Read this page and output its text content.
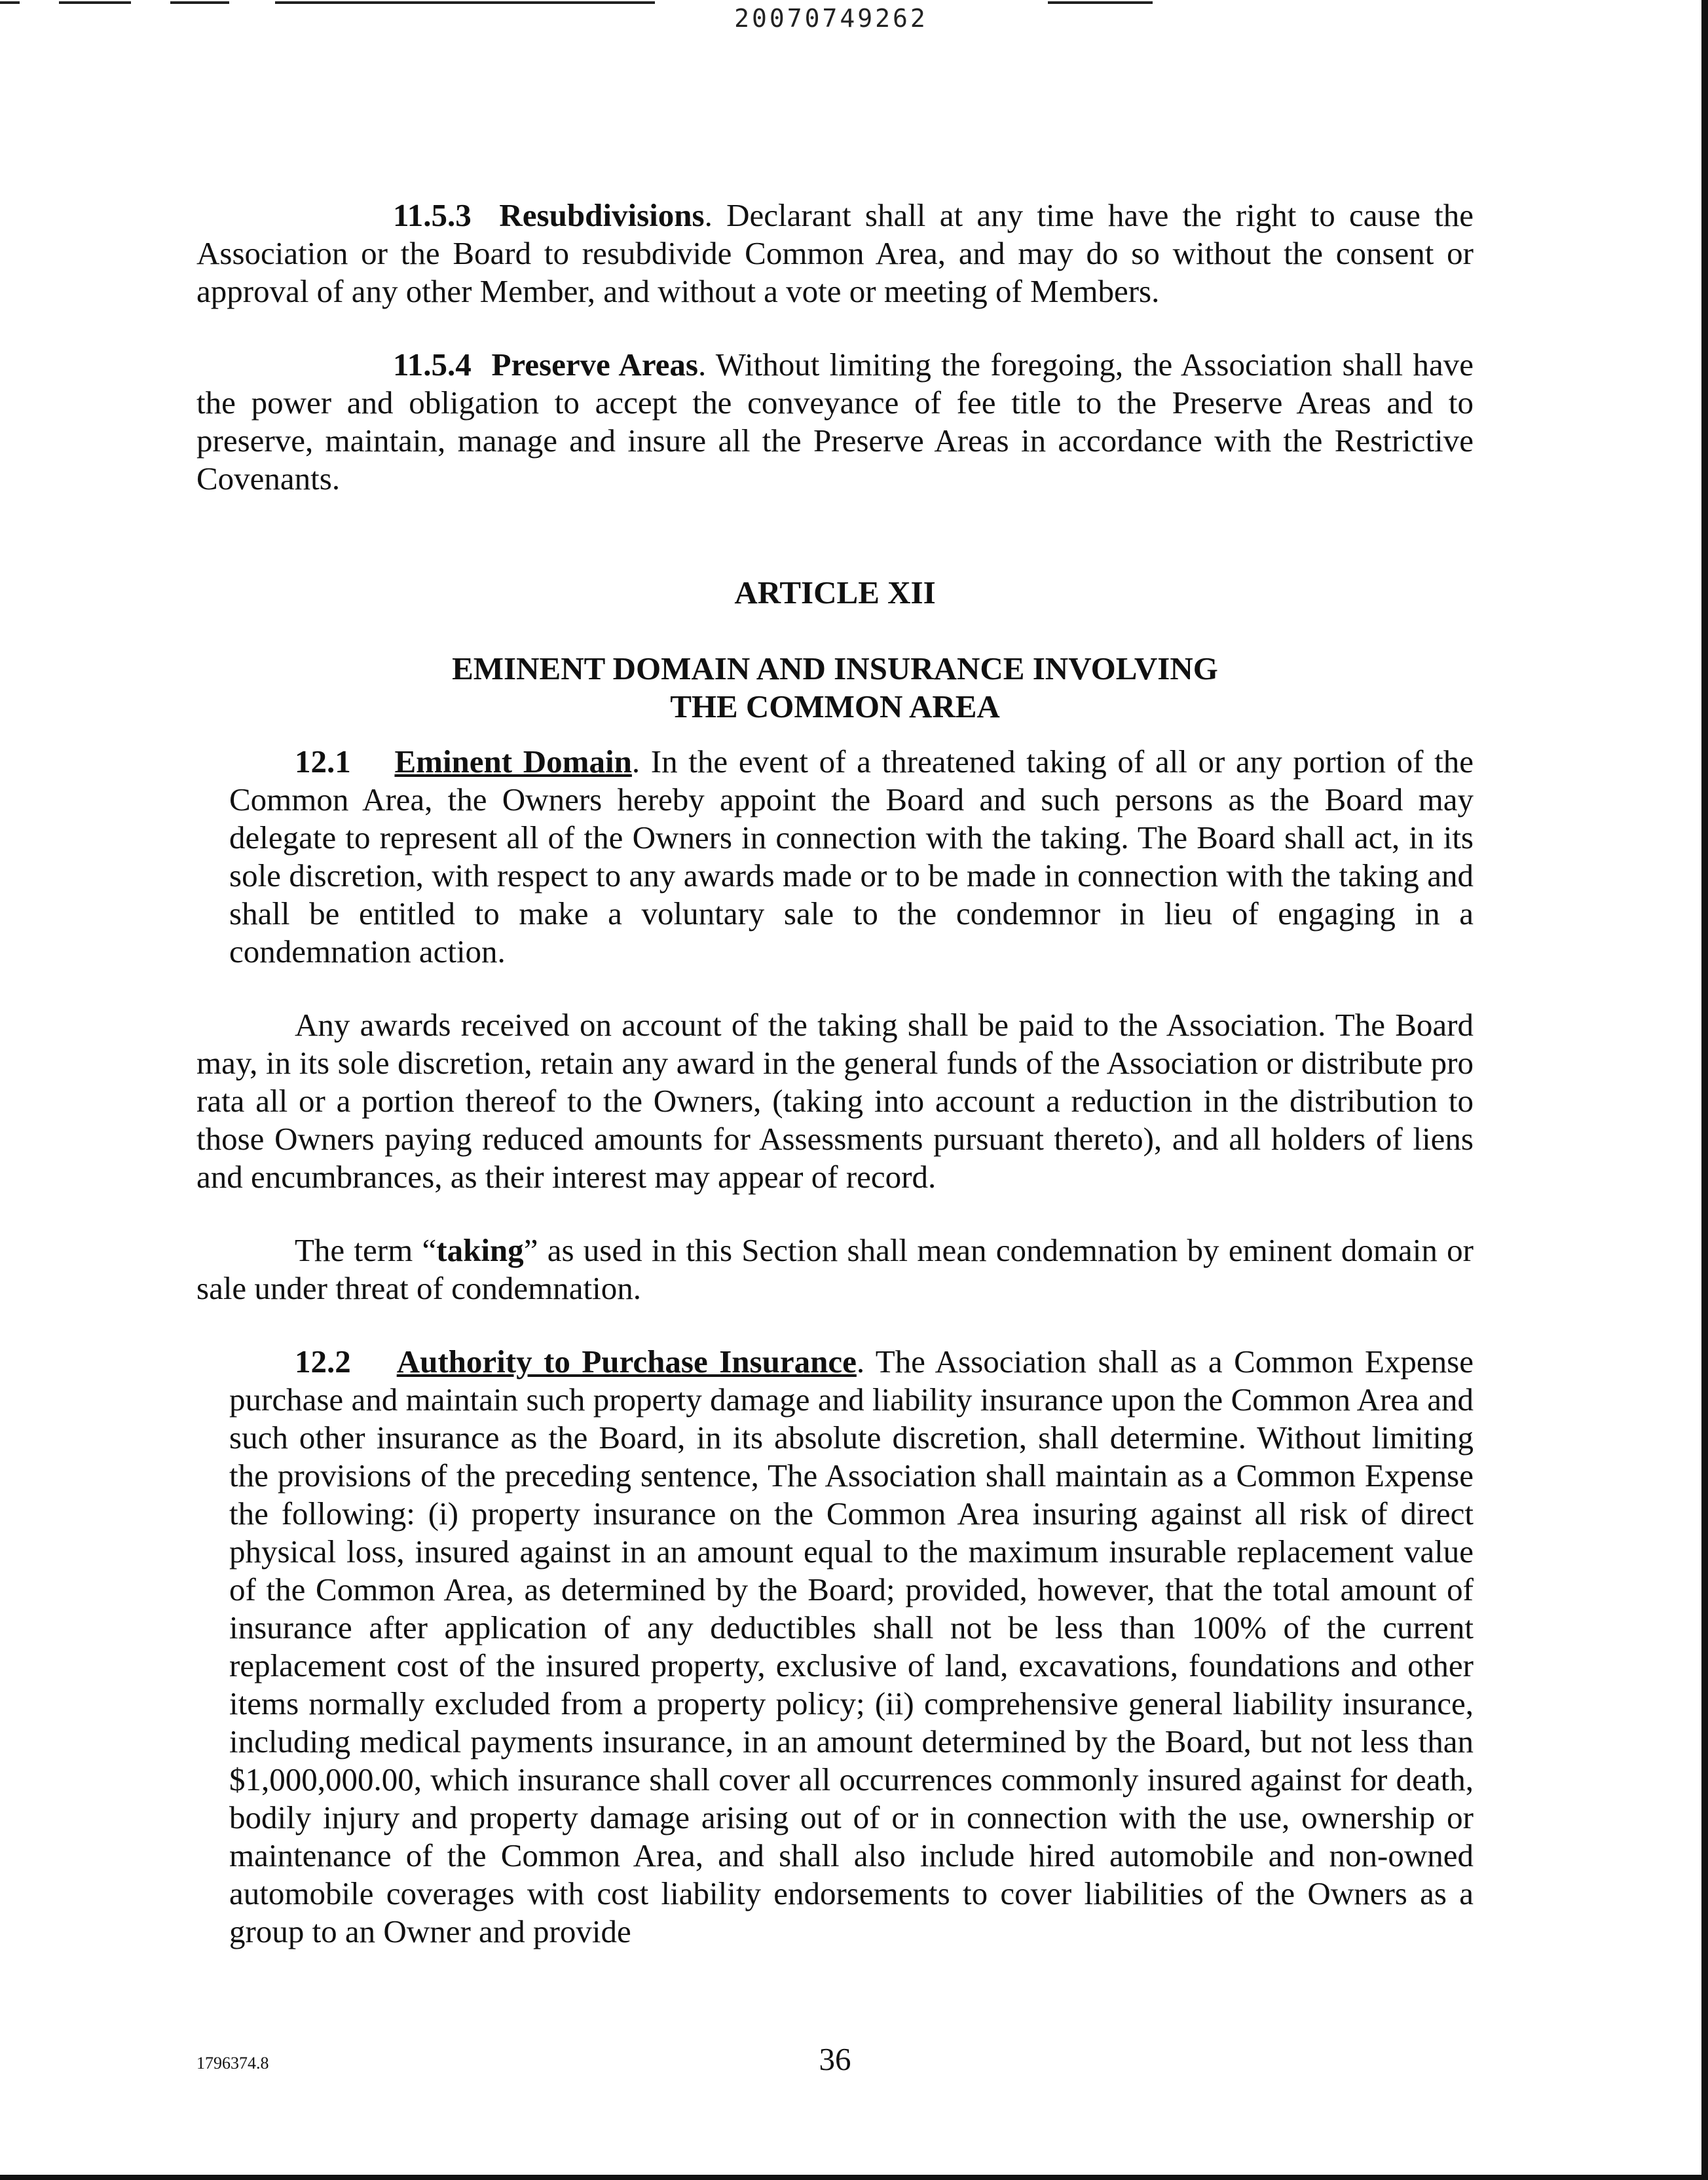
20070749262

11.5.3 Resubdivisions. Declarant shall at any time have the right to cause the Association or the Board to resubdivide Common Area, and may do so without the consent or approval of any other Member, and without a vote or meeting of Members.

11.5.4 Preserve Areas. Without limiting the foregoing, the Association shall have the power and obligation to accept the conveyance of fee title to the Preserve Areas and to preserve, maintain, manage and insure all the Preserve Areas in accordance with the Restrictive Covenants.

ARTICLE XII
EMINENT DOMAIN AND INSURANCE INVOLVING
THE COMMON AREA

12.1 Eminent Domain. In the event of a threatened taking of all or any portion of the Common Area, the Owners hereby appoint the Board and such persons as the Board may delegate to represent all of the Owners in connection with the taking. The Board shall act, in its sole discretion, with respect to any awards made or to be made in connection with the taking and shall be entitled to make a voluntary sale to the condemnor in lieu of engaging in a condemnation action.

Any awards received on account of the taking shall be paid to the Association. The Board may, in its sole discretion, retain any award in the general funds of the Association or distribute pro rata all or a portion thereof to the Owners, (taking into account a reduction in the distribution to those Owners paying reduced amounts for Assessments pursuant thereto), and all holders of liens and encumbrances, as their interest may appear of record.

The term “taking” as used in this Section shall mean condemnation by eminent domain or sale under threat of condemnation.

12.2 Authority to Purchase Insurance. The Association shall as a Common Expense purchase and maintain such property damage and liability insurance upon the Common Area and such other insurance as the Board, in its absolute discretion, shall determine. Without limiting the provisions of the preceding sentence, The Association shall maintain as a Common Expense the following: (i) property insurance on the Common Area insuring against all risk of direct physical loss, insured against in an amount equal to the maximum insurable replacement value of the Common Area, as determined by the Board; provided, however, that the total amount of insurance after application of any deductibles shall not be less than 100% of the current replacement cost of the insured property, exclusive of land, excavations, foundations and other items normally excluded from a property policy; (ii) comprehensive general liability insurance, including medical payments insurance, in an amount determined by the Board, but not less than $1,000,000.00, which insurance shall cover all occurrences commonly insured against for death, bodily injury and property damage arising out of or in connection with the use, ownership or maintenance of the Common Area, and shall also include hired automobile and non-owned automobile coverages with cost liability endorsements to cover liabilities of the Owners as a group to an Owner and provide

1796374.8	36
